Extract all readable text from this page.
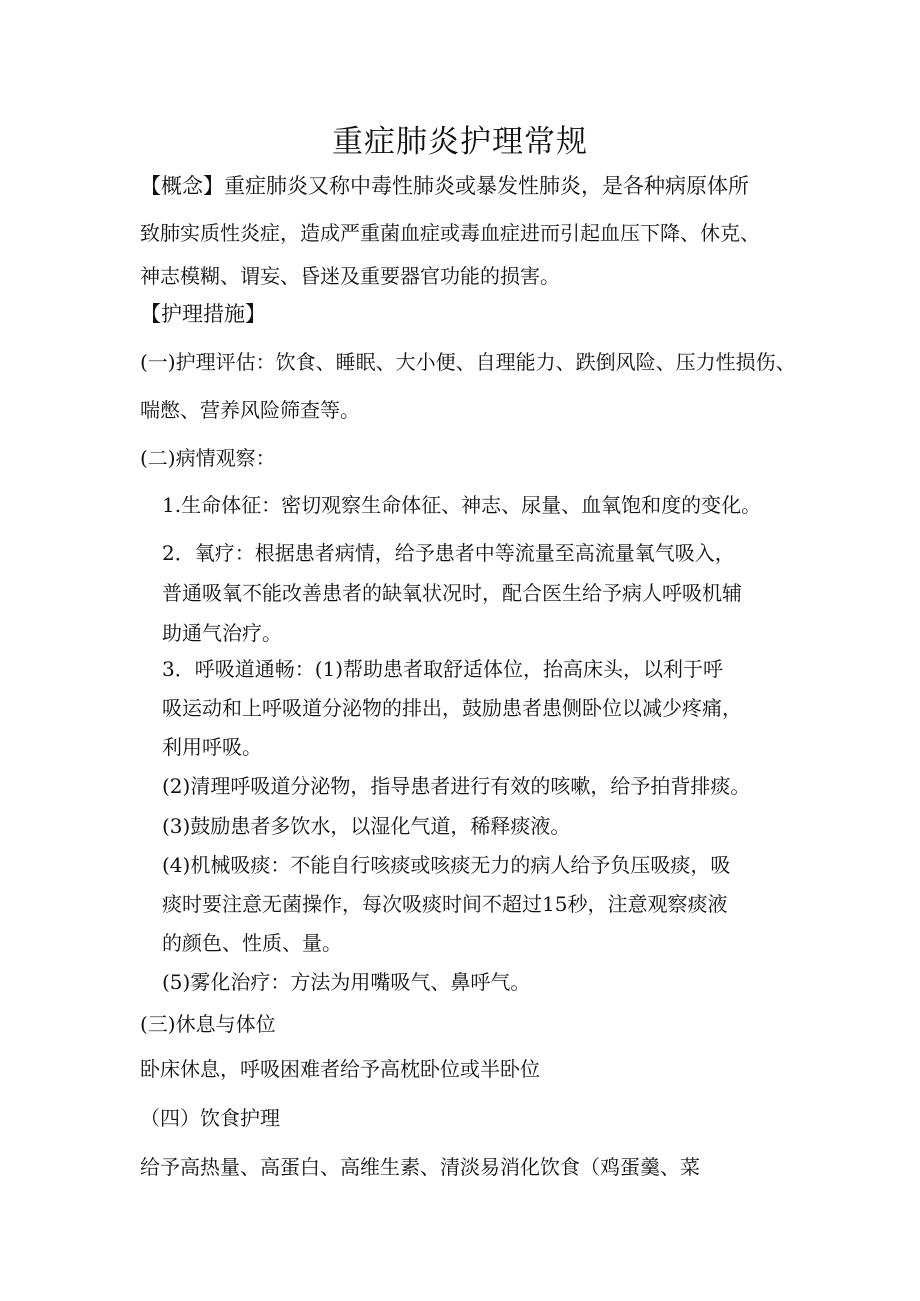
重症肺炎护理常规
【概念】重症肺炎又称中毒性肺炎或暴发性肺炎，是各种病原体所
致肺实质性炎症，造成严重菌血症或毒血症进而引起血压下降、休克、
神志模糊、谓妄、昏迷及重要器官功能的损害。
【护理措施】
(一)护理评估：饮食、睡眠、大小便、自理能力、跌倒风险、压力性损伤、
喘憋、营养风险筛查等。
(二)病情观察：
1.生命体征：密切观察生命体征、神志、尿量、血氧饱和度的变化。
2．氧疗：根据患者病情，给予患者中等流量至高流量氧气吸入，
普通吸氧不能改善患者的缺氧状况时，配合医生给予病人呼吸机辅
助通气治疗。
3．呼吸道通畅：(1)帮助患者取舒适体位，抬高床头，以利于呼
吸运动和上呼吸道分泌物的排出，鼓励患者患侧卧位以减少疼痛，
利用呼吸。
(2)清理呼吸道分泌物，指导患者进行有效的咳嗽，给予拍背排痰。
(3)鼓励患者多饮水，以湿化气道，稀释痰液。
(4)机械吸痰：不能自行咳痰或咳痰无力的病人给予负压吸痰，吸
痰时要注意无菌操作，每次吸痰时间不超过15秒，注意观察痰液
的颜色、性质、量。
(5)雾化治疗：方法为用嘴吸气、鼻呼气。
(三)休息与体位
卧床休息，呼吸困难者给予高枕卧位或半卧位
（四）饮食护理
给予高热量、高蛋白、高维生素、清淡易消化饮食（鸡蛋羹、菜
